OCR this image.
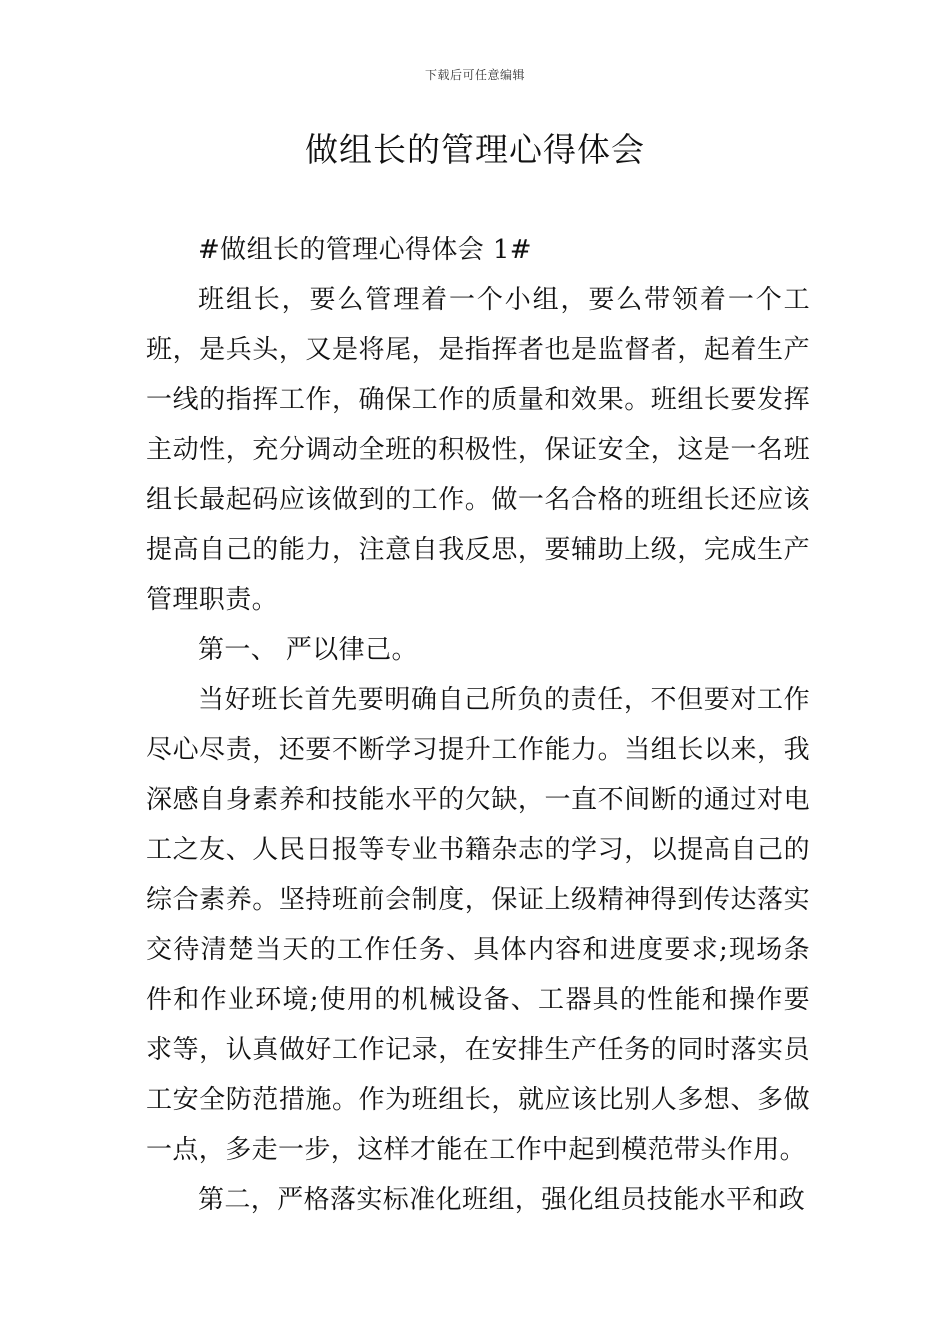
下载后可任意编辑
做组长的管理心得体会

#做组长的管理心得体会 1#

班组长，要么管理着一个小组，要么带领着一个工班，是兵头，又是将尾，是指挥者也是监督者，起着生产一线的指挥工作，确保工作的质量和效果。班组长要发挥主动性，充分调动全班的积极性，保证安全，这是一名班组长最起码应该做到的工作。做一名合格的班组长还应该提高自己的能力，注意自我反思，要辅助上级，完成生产管理职责。

第一、 严以律己。

当好班长首先要明确自己所负的责任，不但要对工作尽心尽责，还要不断学习提升工作能力。当组长以来，我深感自身素养和技能水平的欠缺，一直不间断的通过对电工之友、人民日报等专业书籍杂志的学习，以提高自己的综合素养。坚持班前会制度，保证上级精神得到传达落实交待清楚当天的工作任务、具体内容和进度要求;现场条件和作业环境;使用的机械设备、工器具的性能和操作要求等，认真做好工作记录，在安排生产任务的同时落实员工安全防范措施。作为班组长，就应该比别人多想、多做一点，多走一步，这样才能在工作中起到模范带头作用。

第二，严格落实标准化班组，强化组员技能水平和政
